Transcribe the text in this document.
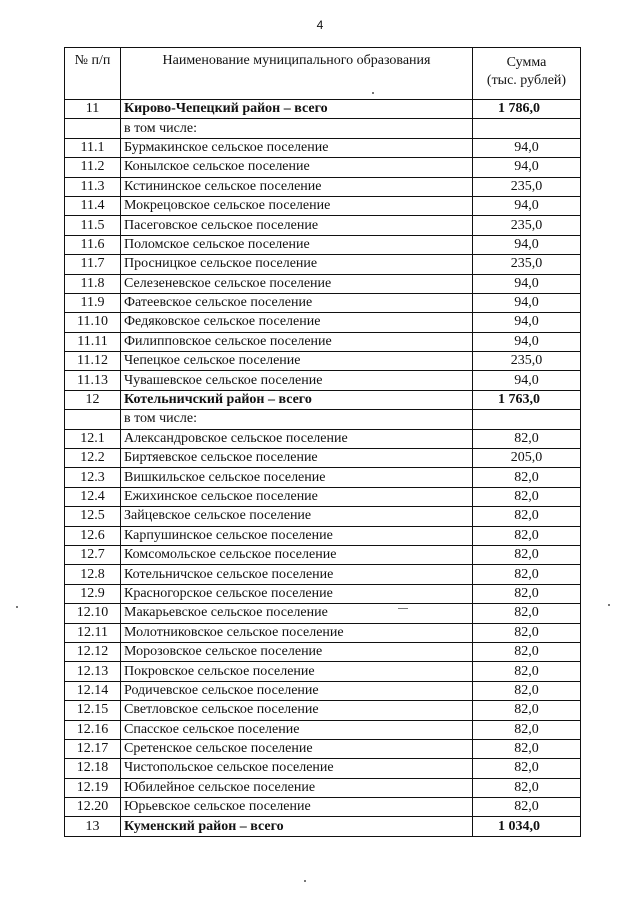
4
№ п/п	Наименование муниципального образования	Сумма
(тыс. рублей)

11	Кирово-Чепецкий район – всего	1 786,0
	в том числе:	
11.1	Бурмакинское сельское поселение	94,0
11.2	Конылское сельское поселение	94,0
11.3	Кстининское сельское поселение	235,0
11.4	Мокрецовское сельское поселение	94,0
11.5	Пасеговское сельское поселение	235,0
11.6	Поломское сельское поселение	94,0
11.7	Просницкое сельское поселение	235,0
11.8	Селезеневское сельское поселение	94,0
11.9	Фатеевское сельское поселение	94,0
11.10	Федяковское сельское поселение	94,0
11.11	Филипповское сельское поселение	94,0
11.12	Чепецкое сельское поселение	235,0
11.13	Чувашевское сельское поселение	94,0
12	Котельничский район – всего	1 763,0
	в том числе:	
12.1	Александровское сельское поселение	82,0
12.2	Биртяевское сельское поселение	205,0
12.3	Вишкильское сельское поселение	82,0
12.4	Ежихинское сельское поселение	82,0
12.5	Зайцевское сельское поселение	82,0
12.6	Карпушинское сельское поселение	82,0
12.7	Комсомольское сельское поселение	82,0
12.8	Котельничское сельское поселение	82,0
12.9	Красногорское сельское поселение	82,0
12.10	Макарьевское сельское поселение	82,0
12.11	Молотниковское сельское поселение	82,0
12.12	Морозовское сельское поселение	82,0
12.13	Покровское сельское поселение	82,0
12.14	Родичевское сельское поселение	82,0
12.15	Светловское сельское поселение	82,0
12.16	Спасское сельское поселение	82,0
12.17	Сретенское сельское поселение	82,0
12.18	Чистопольское сельское поселение	82,0
12.19	Юбилейное сельское поселение	82,0
12.20	Юрьевское сельское поселение	82,0
13	Куменский район – всего	1 034,0
